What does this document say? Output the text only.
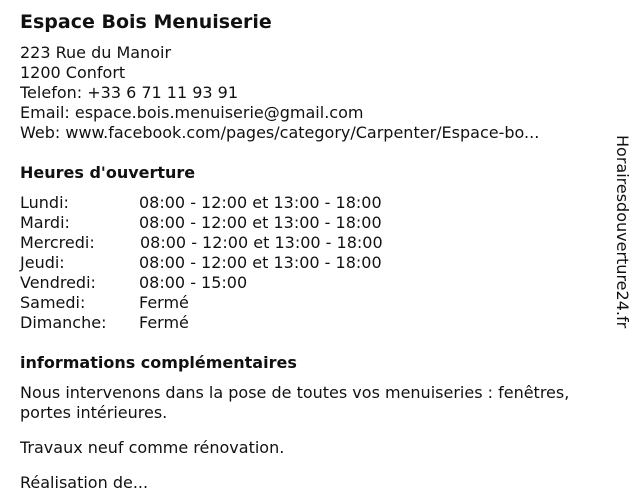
Espace Bois Menuiserie
223 Rue du Manoir
1200 Confort
Telefon: +33 6 71 11 93 91
Email: espace.bois.menuiserie@gmail.com
Web: www.facebook.com/pages/category/Carpenter/Espace-bo...
Heures d'ouverture
Lundi:	08:00 - 12:00 et 13:00 - 18:00
Mardi:	08:00 - 12:00 et 13:00 - 18:00
Mercredi:	08:00 - 12:00 et 13:00 - 18:00
Jeudi:	08:00 - 12:00 et 13:00 - 18:00
Vendredi:	08:00 - 15:00
Samedi:	Fermé
Dimanche:	Fermé
informations complémentaires

Nous intervenons dans la pose de toutes vos menuiseries : fenêtres, portes intérieures.

Travaux neuf comme rénovation.

Réalisation de...

Horairesdouverture24.fr
